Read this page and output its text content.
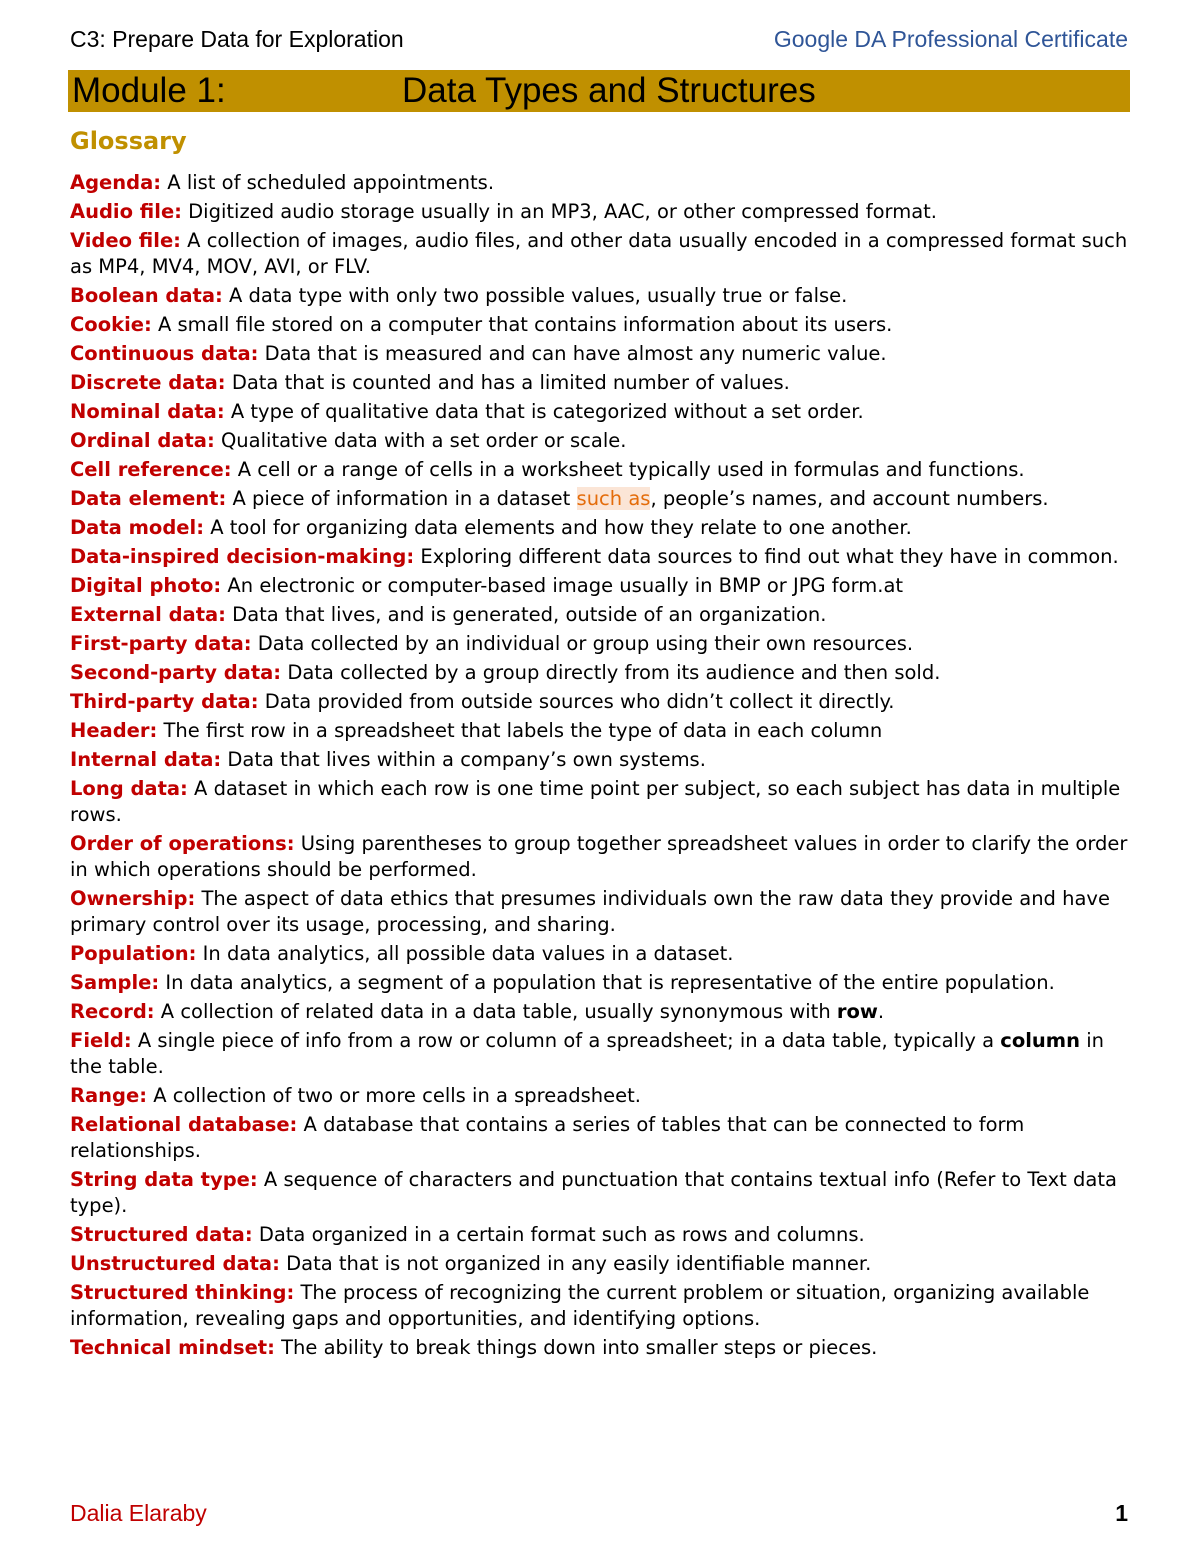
C3: Prepare Data for Exploration	Google DA Professional Certificate
Module 1:	Data Types and Structures
Glossary
Agenda: A list of scheduled appointments.
Audio file: Digitized audio storage usually in an MP3, AAC, or other compressed format.
Video file: A collection of images, audio files, and other data usually encoded in a compressed format such as MP4, MV4, MOV, AVI, or FLV.
Boolean data: A data type with only two possible values, usually true or false.
Cookie: A small file stored on a computer that contains information about its users.
Continuous data: Data that is measured and can have almost any numeric value.
Discrete data: Data that is counted and has a limited number of values.
Nominal data: A type of qualitative data that is categorized without a set order.
Ordinal data: Qualitative data with a set order or scale.
Cell reference: A cell or a range of cells in a worksheet typically used in formulas and functions.
Data element: A piece of information in a dataset such as, people’s names, and account numbers.
Data model: A tool for organizing data elements and how they relate to one another.
Data-inspired decision-making: Exploring different data sources to find out what they have in common.
Digital photo: An electronic or computer-based image usually in BMP or JPG form.at
External data: Data that lives, and is generated, outside of an organization.
First-party data: Data collected by an individual or group using their own resources.
Second-party data: Data collected by a group directly from its audience and then sold.
Third-party data: Data provided from outside sources who didn’t collect it directly.
Header: The first row in a spreadsheet that labels the type of data in each column
Internal data: Data that lives within a company’s own systems.
Long data: A dataset in which each row is one time point per subject, so each subject has data in multiple rows.
Order of operations: Using parentheses to group together spreadsheet values in order to clarify the order in which operations should be performed.
Ownership: The aspect of data ethics that presumes individuals own the raw data they provide and have primary control over its usage, processing, and sharing.
Population: In data analytics, all possible data values in a dataset.
Sample: In data analytics, a segment of a population that is representative of the entire population.
Record: A collection of related data in a data table, usually synonymous with row.
Field: A single piece of info from a row or column of a spreadsheet; in a data table, typically a column in the table.
Range: A collection of two or more cells in a spreadsheet.
Relational database: A database that contains a series of tables that can be connected to form relationships.
String data type: A sequence of characters and punctuation that contains textual info (Refer to Text data type).
Structured data: Data organized in a certain format such as rows and columns.
Unstructured data: Data that is not organized in any easily identifiable manner.
Structured thinking: The process of recognizing the current problem or situation, organizing available information, revealing gaps and opportunities, and identifying options.
Technical mindset: The ability to break things down into smaller steps or pieces.
Dalia Elaraby	1
